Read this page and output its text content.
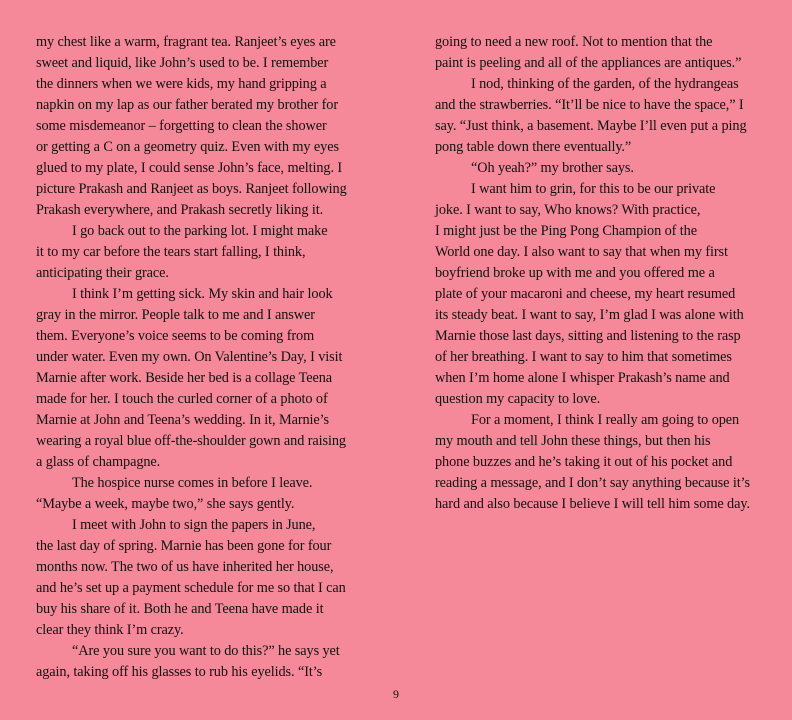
my chest like a warm, fragrant tea. Ranjeet’s eyes are
sweet and liquid, like John’s used to be. I remember
the dinners when we were kids, my hand gripping a
napkin on my lap as our father berated my brother for
some misdemeanor – forgetting to clean the shower
or getting a C on a geometry quiz. Even with my eyes
glued to my plate, I could sense John’s face, melting. I
picture Prakash and Ranjeet as boys. Ranjeet following
Prakash everywhere, and Prakash secretly liking it.
I go back out to the parking lot. I might make
it to my car before the tears start falling, I think,
anticipating their grace.
I think I’m getting sick. My skin and hair look
gray in the mirror. People talk to me and I answer
them. Everyone’s voice seems to be coming from
under water. Even my own. On Valentine’s Day, I visit
Marnie after work. Beside her bed is a collage Teena
made for her. I touch the curled corner of a photo of
Marnie at John and Teena’s wedding. In it, Marnie’s
wearing a royal blue off-the-shoulder gown and raising
a glass of champagne.
The hospice nurse comes in before I leave.
“Maybe a week, maybe two,” she says gently.
I meet with John to sign the papers in June,
the last day of spring. Marnie has been gone for four
months now. The two of us have inherited her house,
and he’s set up a payment schedule for me so that I can
buy his share of it. Both he and Teena have made it
clear they think I’m crazy.
“Are you sure you want to do this?” he says yet
again, taking off his glasses to rub his eyelids. “It’s
going to need a new roof. Not to mention that the
paint is peeling and all of the appliances are antiques.”
I nod, thinking of the garden, of the hydrangeas
and the strawberries. “It’ll be nice to have the space,” I
say. “Just think, a basement. Maybe I’ll even put a ping
pong table down there eventually.”
“Oh yeah?” my brother says.
I want him to grin, for this to be our private
joke. I want to say, Who knows? With practice,
I might just be the Ping Pong Champion of the
World one day. I also want to say that when my first
boyfriend broke up with me and you offered me a
plate of your macaroni and cheese, my heart resumed
its steady beat. I want to say, I’m glad I was alone with
Marnie those last days, sitting and listening to the rasp
of her breathing. I want to say to him that sometimes
when I’m home alone I whisper Prakash’s name and
question my capacity to love.
For a moment, I think I really am going to open
my mouth and tell John these things, but then his
phone buzzes and he’s taking it out of his pocket and
reading a message, and I don’t say anything because it’s
hard and also because I believe I will tell him some day.
9
